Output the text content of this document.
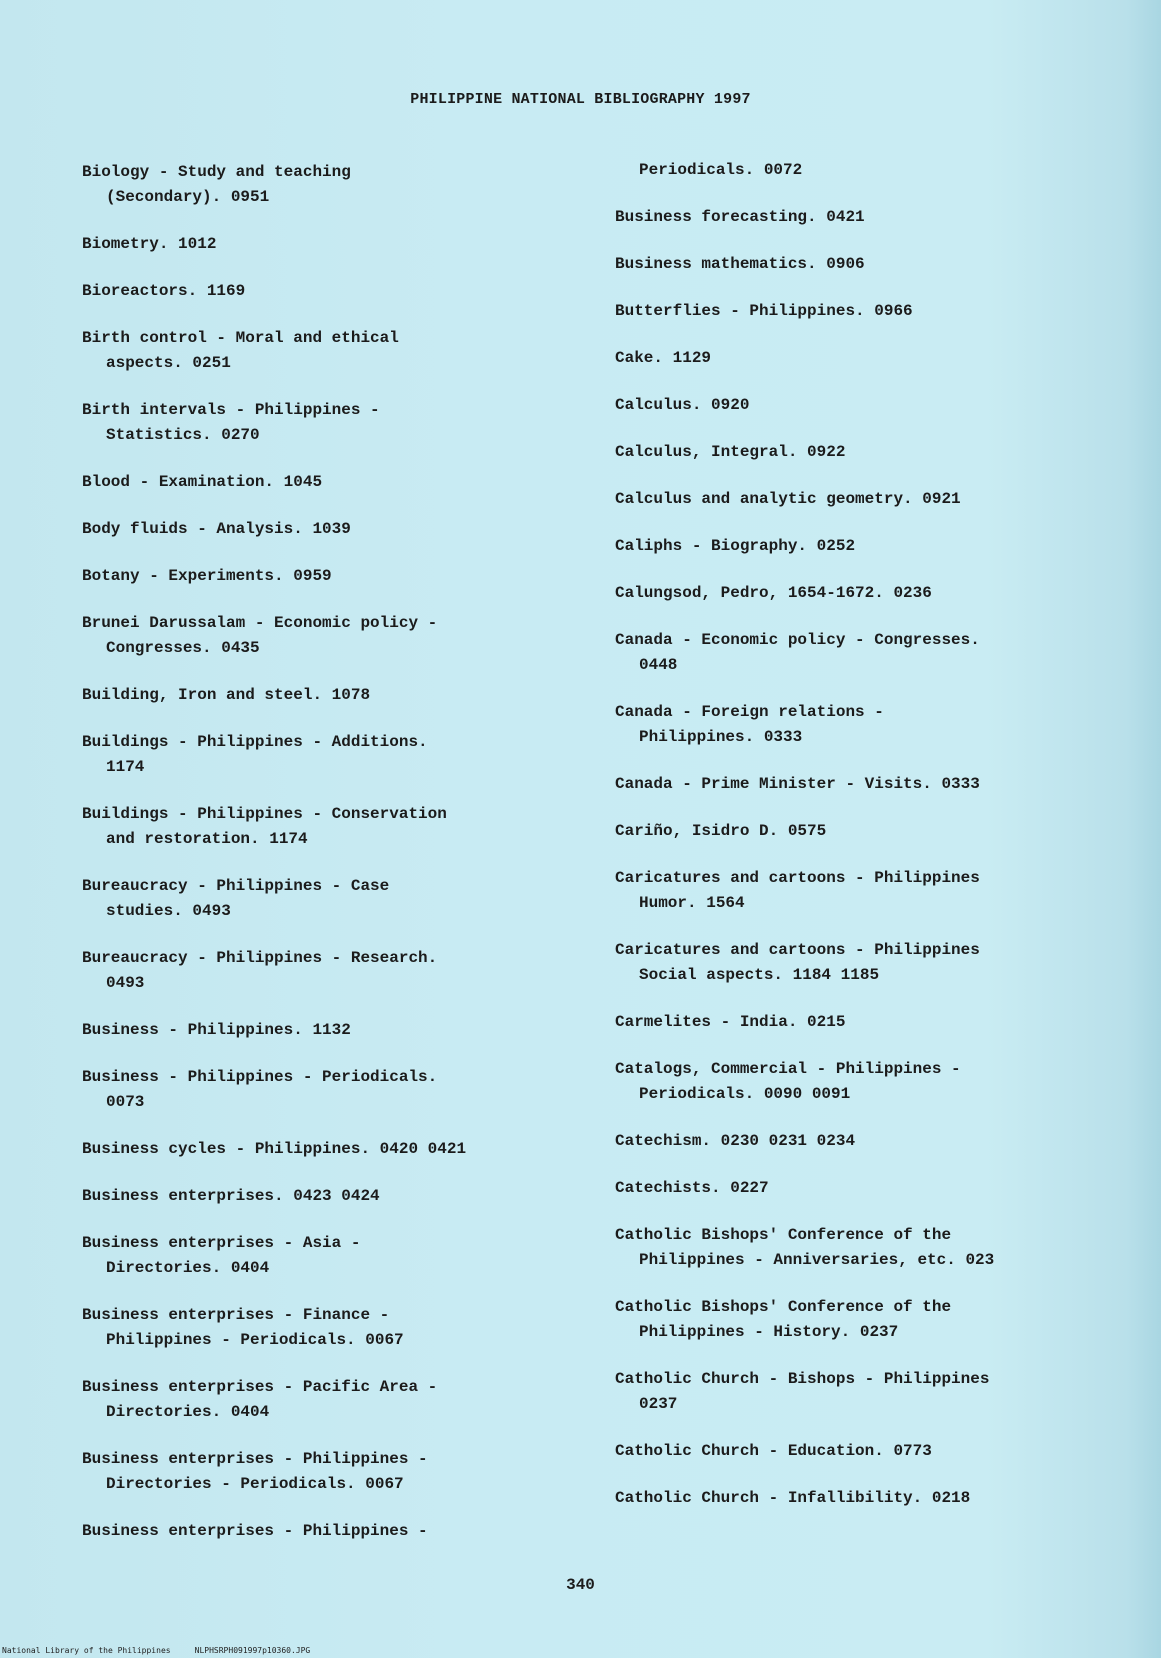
PHILIPPINE NATIONAL BIBLIOGRAPHY 1997
Biology - Study and teaching
(Secondary). 0951
Biometry. 1012
Bioreactors. 1169
Birth control - Moral and ethical
aspects. 0251
Birth intervals - Philippines -
Statistics. 0270
Blood - Examination. 1045
Body fluids - Analysis. 1039
Botany - Experiments. 0959
Brunei Darussalam - Economic policy -
Congresses. 0435
Building, Iron and steel. 1078
Buildings - Philippines - Additions.
1174
Buildings - Philippines - Conservation
and restoration. 1174
Bureaucracy - Philippines - Case
studies. 0493
Bureaucracy - Philippines - Research.
0493
Business - Philippines. 1132
Business - Philippines - Periodicals.
0073
Business cycles - Philippines. 0420 0421
Business enterprises. 0423 0424
Business enterprises - Asia -
Directories. 0404
Business enterprises - Finance -
Philippines - Periodicals. 0067
Business enterprises - Pacific Area -
Directories. 0404
Business enterprises - Philippines -
Directories - Periodicals. 0067
Business enterprises - Philippines -
Periodicals. 0072
Business forecasting. 0421
Business mathematics. 0906
Butterflies - Philippines. 0966
Cake. 1129
Calculus. 0920
Calculus, Integral. 0922
Calculus and analytic geometry. 0921
Caliphs - Biography. 0252
Calungsod, Pedro, 1654-1672. 0236
Canada - Economic policy - Congresses.
0448
Canada - Foreign relations -
Philippines. 0333
Canada - Prime Minister - Visits. 0333
Cariño, Isidro D. 0575
Caricatures and cartoons - Philippines
Humor. 1564
Caricatures and cartoons - Philippines
Social aspects. 1184 1185
Carmelites - India. 0215
Catalogs, Commercial - Philippines -
Periodicals. 0090 0091
Catechism. 0230 0231 0234
Catechists. 0227
Catholic Bishops' Conference of the
Philippines - Anniversaries, etc. 023
Catholic Bishops' Conference of the
Philippines - History. 0237
Catholic Church - Bishops - Philippines
0237
Catholic Church - Education. 0773
Catholic Church - Infallibility. 0218
340
National Library of the Philippines     NLPHSRPH091997p10360.JPG
